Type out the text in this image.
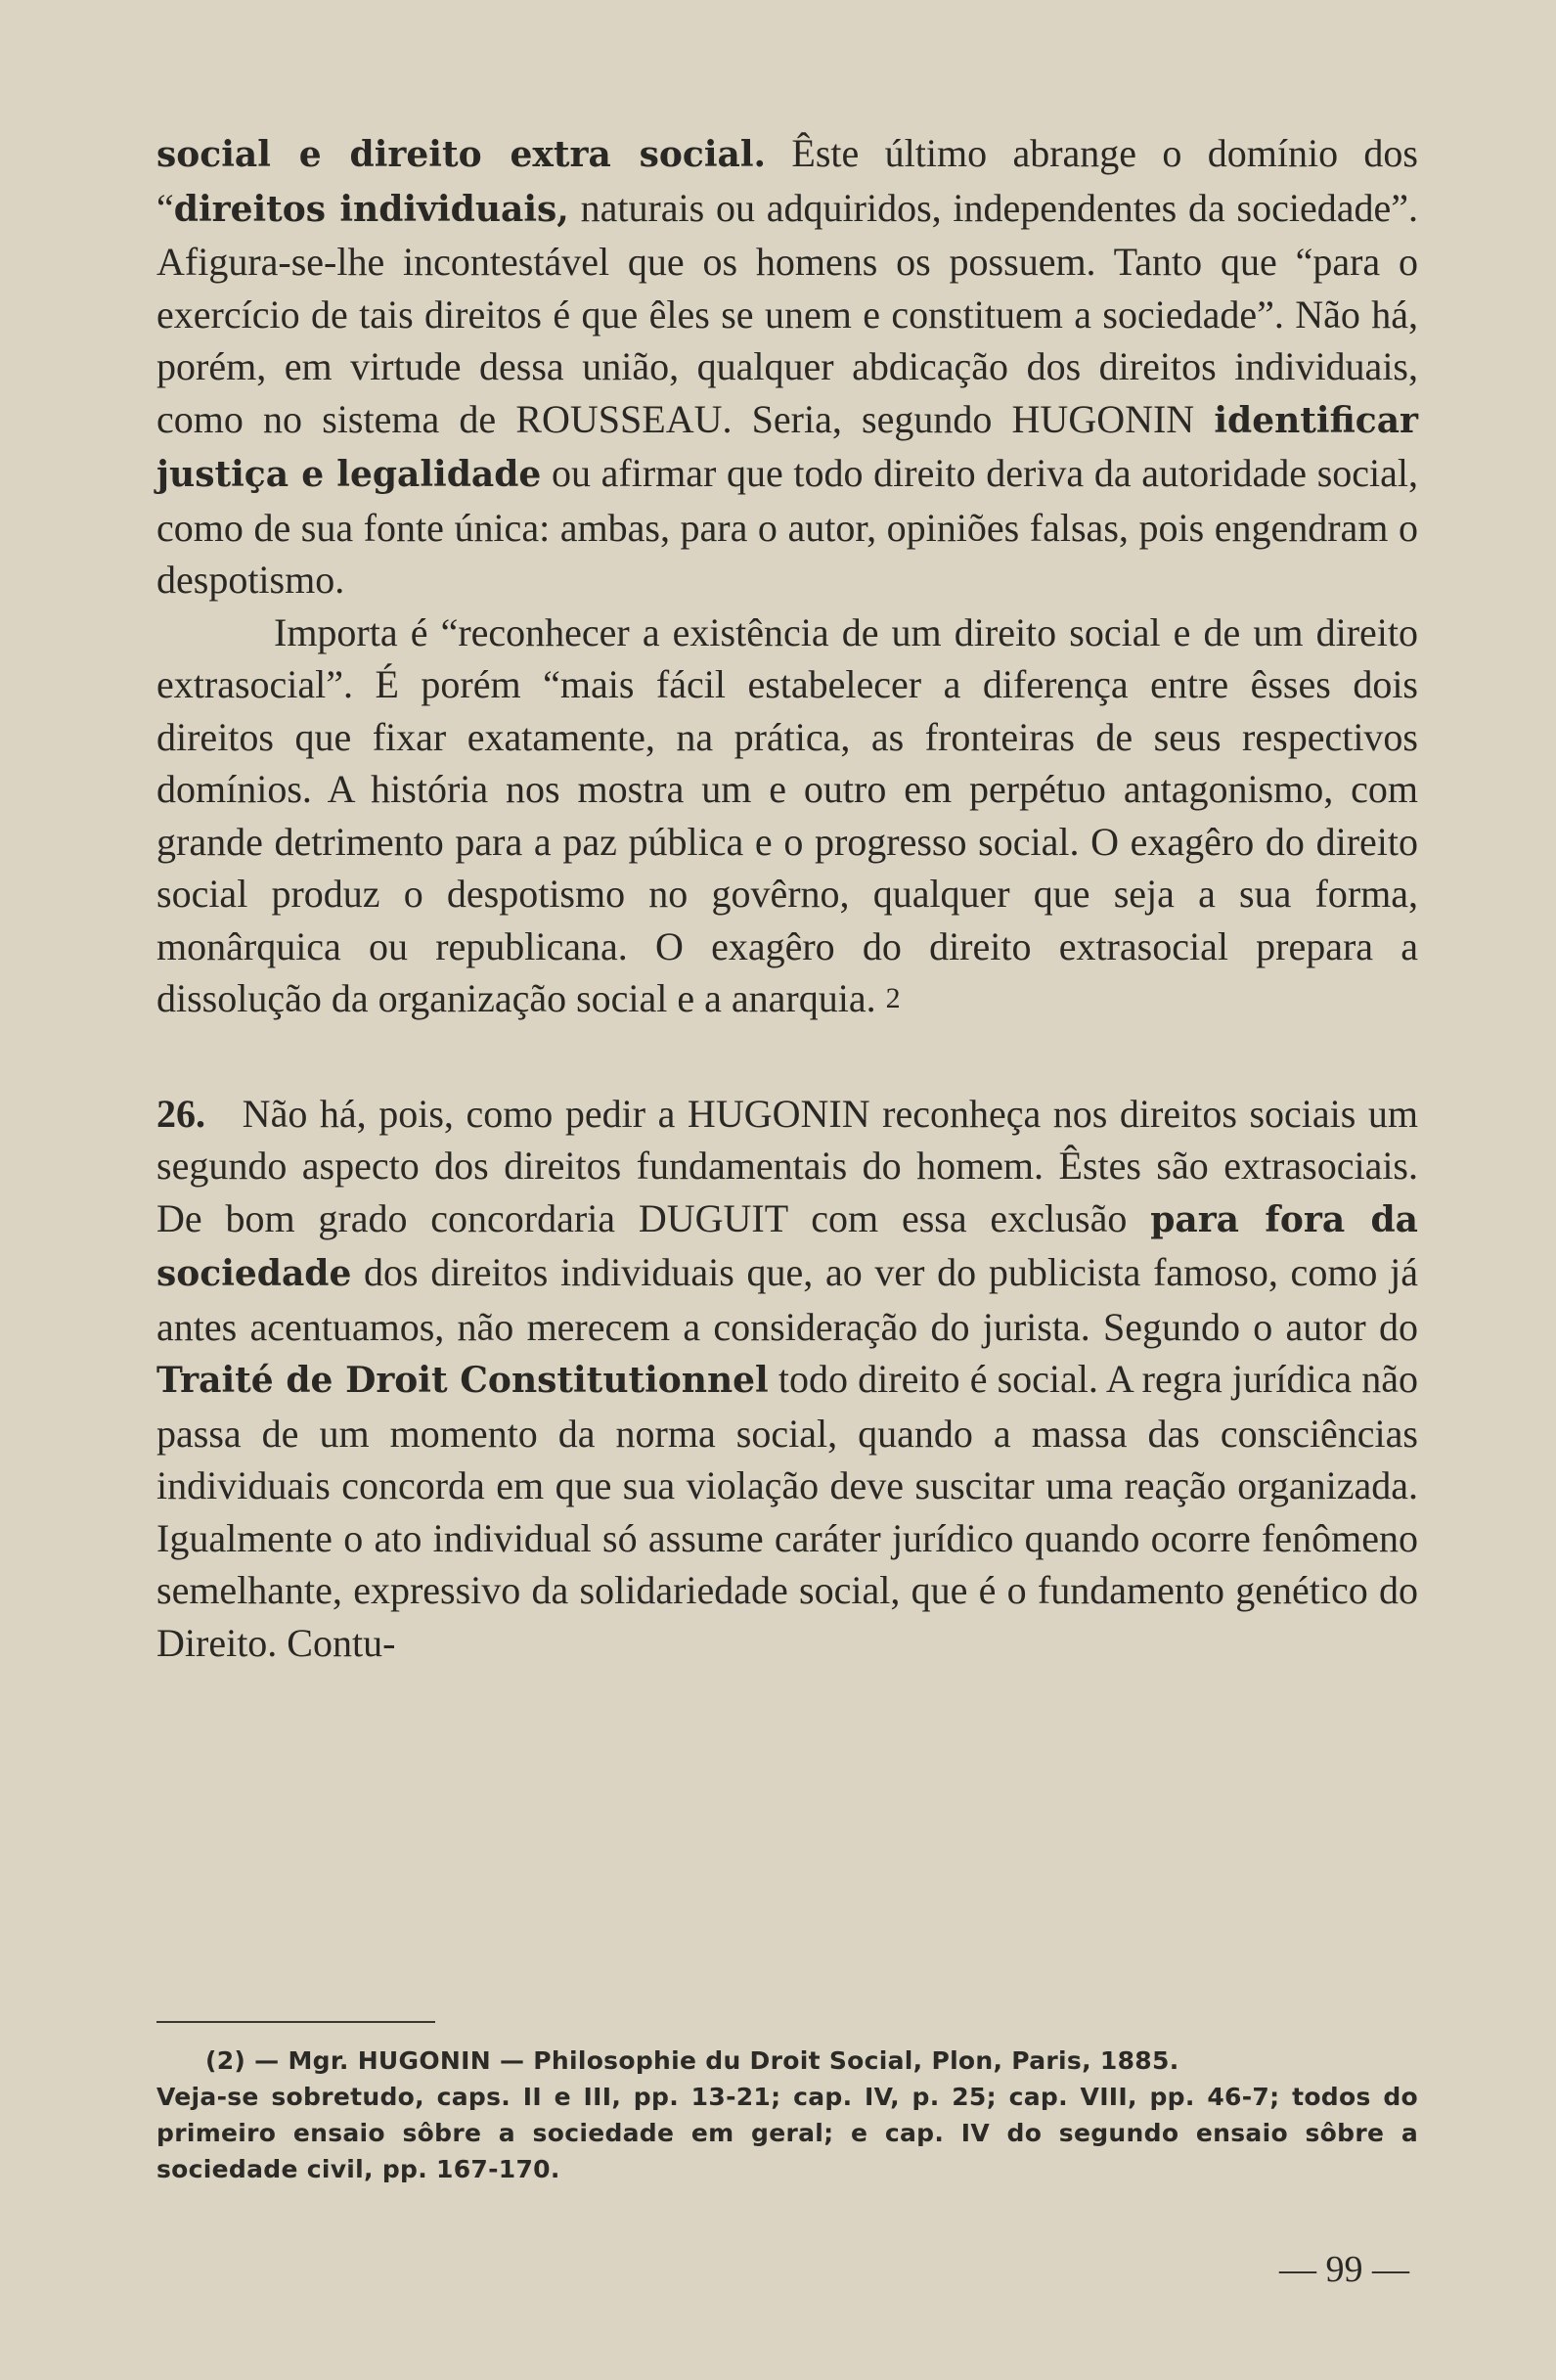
social e direito extra social. Êste último abrange o domínio dos “direitos individuais, naturais ou adquiridos, independentes da sociedade”. Afigura-se-lhe incontestável que os homens os possuem. Tanto que “para o exercício de tais direitos é que êles se unem e constituem a sociedade”. Não há, porém, em virtude dessa união, qualquer abdicação dos direitos individuais, como no sistema de ROUSSEAU. Seria, segundo HUGONIN identificar justiça e legalidade ou afirmar que todo direito deriva da autoridade social, como de sua fonte única: ambas, para o autor, opiniões falsas, pois engendram o despotismo.

Importa é “reconhecer a existência de um direito social e de um direito extrasocial”. É porém “mais fácil estabelecer a diferença entre êsses dois direitos que fixar exatamente, na prática, as fronteiras de seus respectivos domínios. A história nos mostra um e outro em perpétuo antagonismo, com grande detrimento para a paz pública e o progresso social. O exagêro do direito social produz o despotismo no govêrno, qualquer que seja a sua forma, monârquica ou republicana. O exagêro do direito extrasocial prepara a dissolução da organização social e a anarquia. 2

26.   Não há, pois, como pedir a HUGONIN reconheça nos direitos sociais um segundo aspecto dos direitos fundamentais do homem. Êstes são extrasociais. De bom grado concordaria DUGUIT com essa exclusão para fora da sociedade dos direitos individuais que, ao ver do publicista famoso, como já antes acentuamos, não merecem a consideração do jurista. Segundo o autor do Traité de Droit Constitutionnel todo direito é social. A regra jurídica não passa de um momento da norma social, quando a massa das consciências individuais concorda em que sua violação deve suscitar uma reação organizada. Igualmente o ato individual só assume caráter jurídico quando ocorre fenômeno semelhante, expressivo da solidariedade social, que é o fundamento genético do Direito. Contu-

(2) — Mgr. HUGONIN — Philosophie du Droit Social, Plon, Paris, 1885.

Veja-se sobretudo, caps. II e III, pp. 13-21; cap. IV, p. 25; cap. VIII, pp. 46-7; todos do primeiro ensaio sôbre a sociedade em geral; e cap. IV do segundo ensaio sôbre a sociedade civil, pp. 167-170.

— 99 —
